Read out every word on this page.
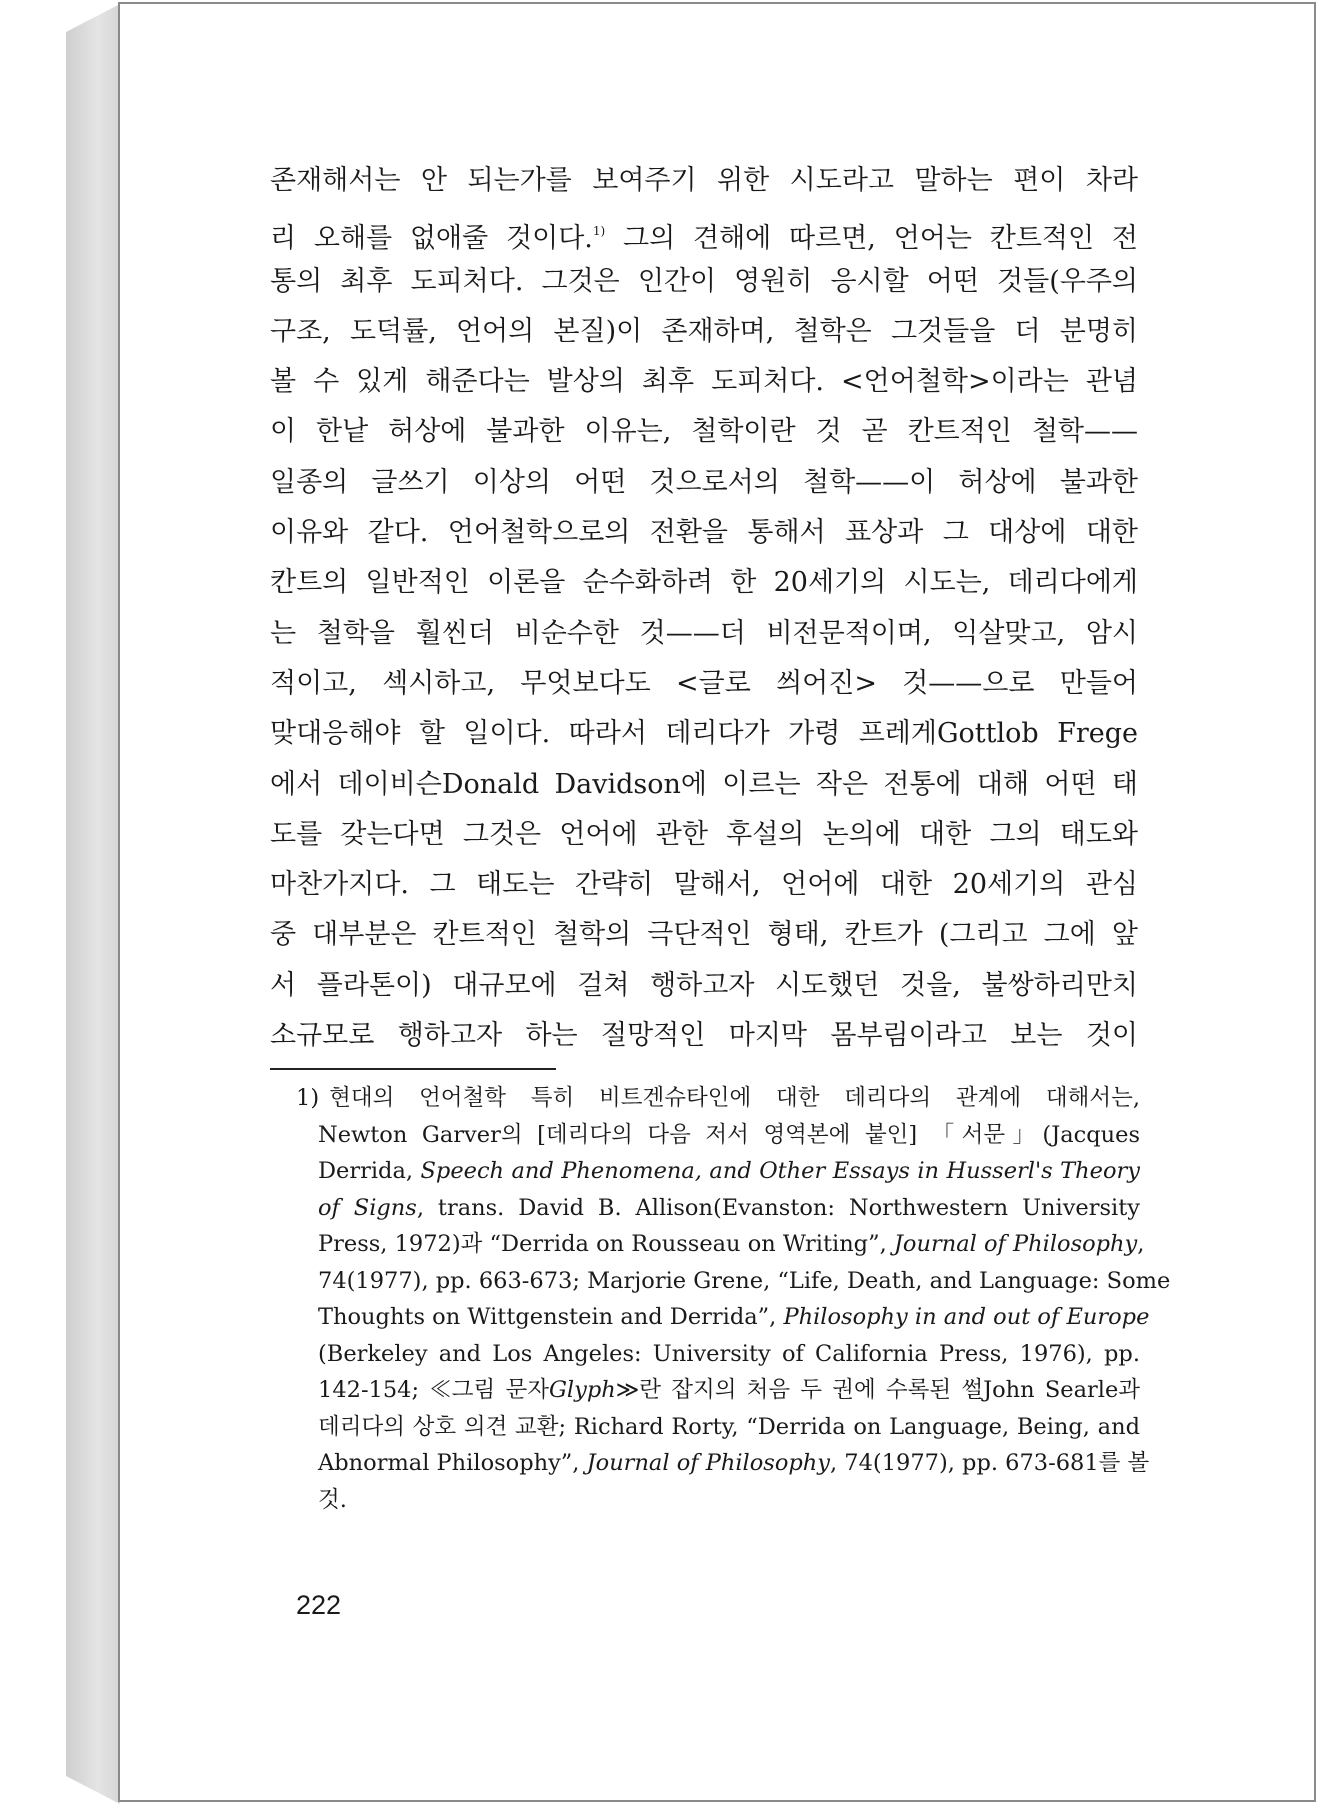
존재해서는 안 되는가를 보여주기 위한 시도라고 말하는 편이 차라
리 오해를 없애줄 것이다.$^{1)}$ 그의 견해에 따르면, 언어는 칸트적인 전
통의 최후 도피처다. 그것은 인간이 영원히 응시할 어떤 것들(우주의
구조, 도덕률, 언어의 본질)이 존재하며, 철학은 그것들을 더 분명히
볼 수 있게 해준다는 발상의 최후 도피처다. <언어철학>이라는 관념
이 한낱 허상에 불과한 이유는, 철학이란 것 곧 칸트적인 철학——
일종의 글쓰기 이상의 어떤 것으로서의 철학——이 허상에 불과한
이유와 같다. 언어철학으로의 전환을 통해서 표상과 그 대상에 대한
칸트의 일반적인 이론을 순수화하려 한 20세기의 시도는, 데리다에게
는 철학을 훨씬더 비순수한 것——더 비전문적이며, 익살맞고, 암시
적이고, 섹시하고, 무엇보다도 <글로 씌어진> 것——으로 만들어
맞대응해야 할 일이다. 따라서 데리다가 가령 프레게Gottlob Frege
에서 데이비슨Donald Davidson에 이르는 작은 전통에 대해 어떤 태
도를 갖는다면 그것은 언어에 관한 후설의 논의에 대한 그의 태도와
마찬가지다. 그 태도는 간략히 말해서, 언어에 대한 20세기의 관심
중 대부분은 칸트적인 철학의 극단적인 형태, 칸트가 (그리고 그에 앞
서 플라톤이) 대규모에 걸쳐 행하고자 시도했던 것을, 불쌍하리만치
소규모로 행하고자 하는 절망적인 마지막 몸부림이라고 보는 것이
1) 현대의 언어철학 특히 비트겐슈타인에 대한 데리다의 관계에 대해서는,
Newton Garver의 [데리다의 다음 저서 영역본에 붙인] 「서문」(Jacques
Derrida, Speech and Phenomena, and Other Essays in Husserl's Theory
of Signs, trans. David B. Allison(Evanston: Northwestern University
Press, 1972)과 “Derrida on Rousseau on Writing”, Journal of Philosophy,
74(1977), pp. 663-673; Marjorie Grene, “Life, Death, and Language: Some
Thoughts on Wittgenstein and Derrida”, Philosophy in and out of Europe
(Berkeley and Los Angeles: University of California Press, 1976), pp.
142-154; ≪그림 문자Glyph≫란 잡지의 처음 두 권에 수록된 썰John Searle과
데리다의 상호 의견 교환; Richard Rorty, “Derrida on Language, Being, and
Abnormal Philosophy”, Journal of Philosophy, 74(1977), pp. 673-681를 볼
것.
222
